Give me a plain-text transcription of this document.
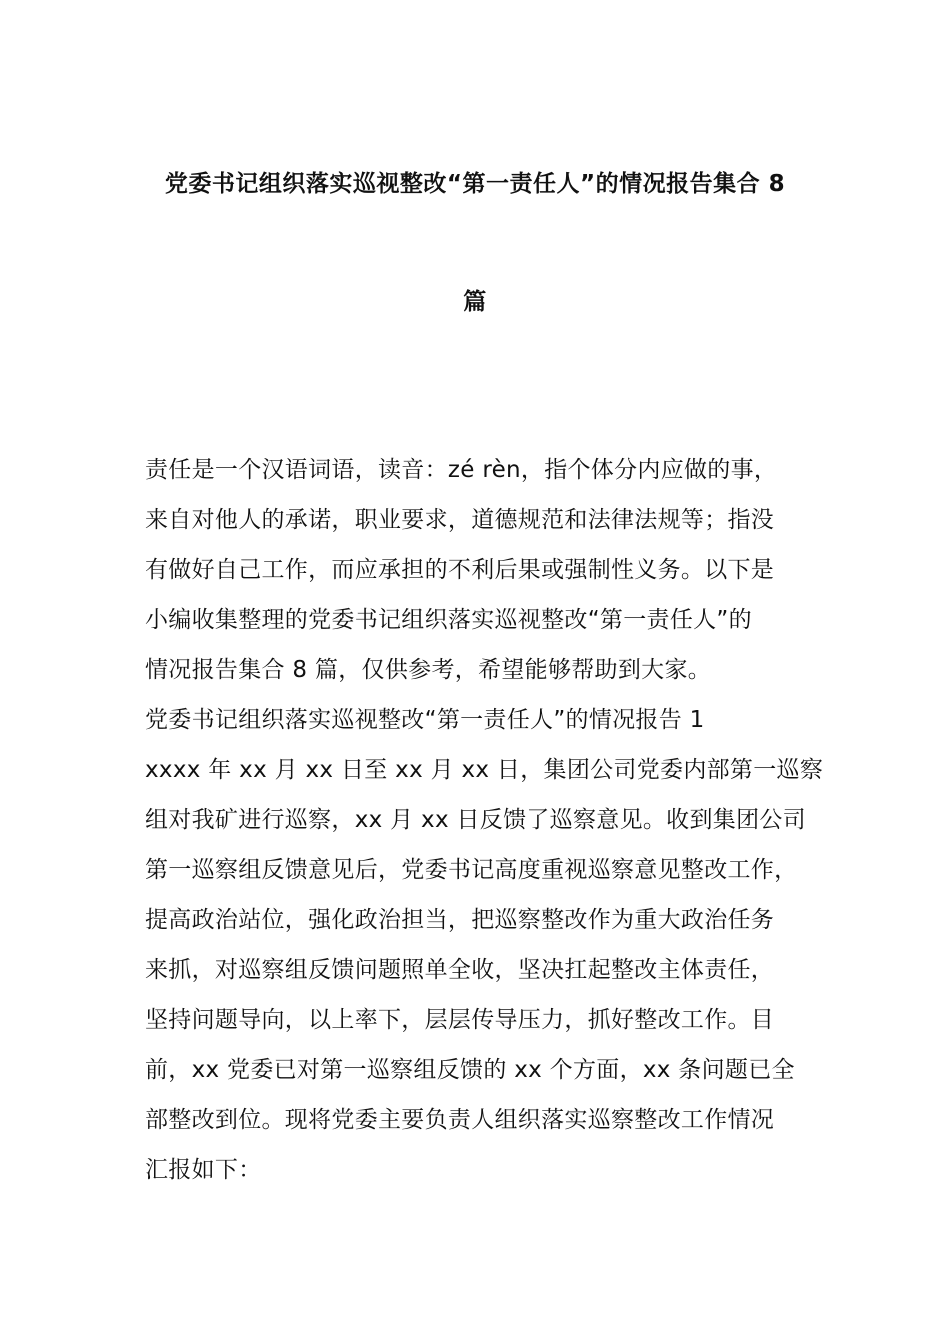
党委书记组织落实巡视整改“第一责任人”的情况报告集合 8
篇
责任是一个汉语词语，读音：zé rèn，指个体分内应做的事，
来自对他人的承诺，职业要求，道德规范和法律法规等；指没
有做好自己工作，而应承担的不利后果或强制性义务。以下是
小编收集整理的党委书记组织落实巡视整改“第一责任人”的
情况报告集合 8 篇，仅供参考，希望能够帮助到大家。
党委书记组织落实巡视整改“第一责任人”的情况报告 1
xxxx 年 xx 月 xx 日至 xx 月 xx 日，集团公司党委内部第一巡察
组对我矿进行巡察，xx 月 xx 日反馈了巡察意见。收到集团公司
第一巡察组反馈意见后，党委书记高度重视巡察意见整改工作，
提高政治站位，强化政治担当，把巡察整改作为重大政治任务
来抓，对巡察组反馈问题照单全收，坚决扛起整改主体责任，
坚持问题导向，以上率下，层层传导压力，抓好整改工作。目
前，xx 党委已对第一巡察组反馈的 xx 个方面，xx 条问题已全
部整改到位。现将党委主要负责人组织落实巡察整改工作情况
汇报如下：
